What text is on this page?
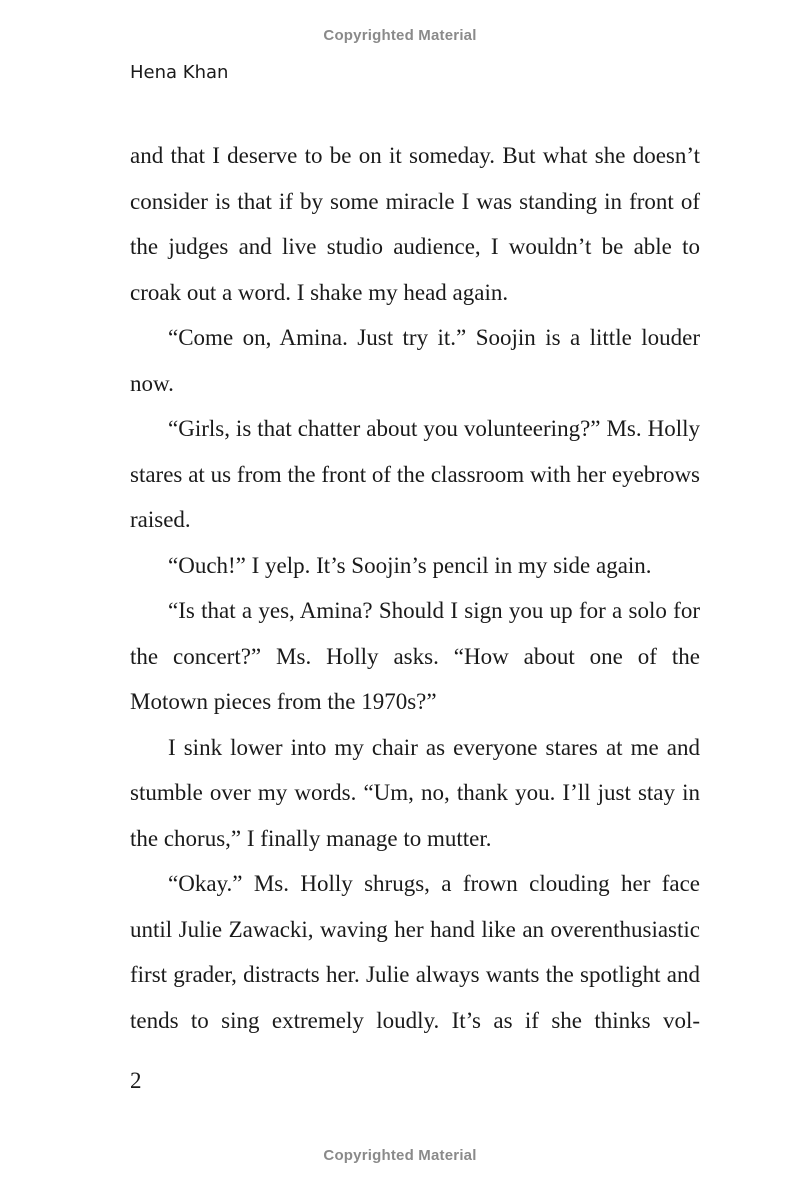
Copyrighted Material
Hena Khan

and that I deserve to be on it someday. But what she doesn’t consider is that if by some miracle I was standing in front of the judges and live studio audience, I wouldn’t be able to croak out a word. I shake my head again.

“Come on, Amina. Just try it.” Soojin is a little louder now.

“Girls, is that chatter about you volunteering?” Ms. Holly stares at us from the front of the classroom with her eyebrows raised.

“Ouch!” I yelp. It’s Soojin’s pencil in my side again.

“Is that a yes, Amina? Should I sign you up for a solo for the concert?” Ms. Holly asks. “How about one of the Motown pieces from the 1970s?”

I sink lower into my chair as everyone stares at me and stumble over my words. “Um, no, thank you. I’ll just stay in the chorus,” I finally manage to mutter.

“Okay.” Ms. Holly shrugs, a frown clouding her face until Julie Zawacki, waving her hand like an overenthusiastic first grader, distracts her. Julie always wants the spotlight and tends to sing extremely loudly. It’s as if she thinks vol-

2
Copyrighted Material
